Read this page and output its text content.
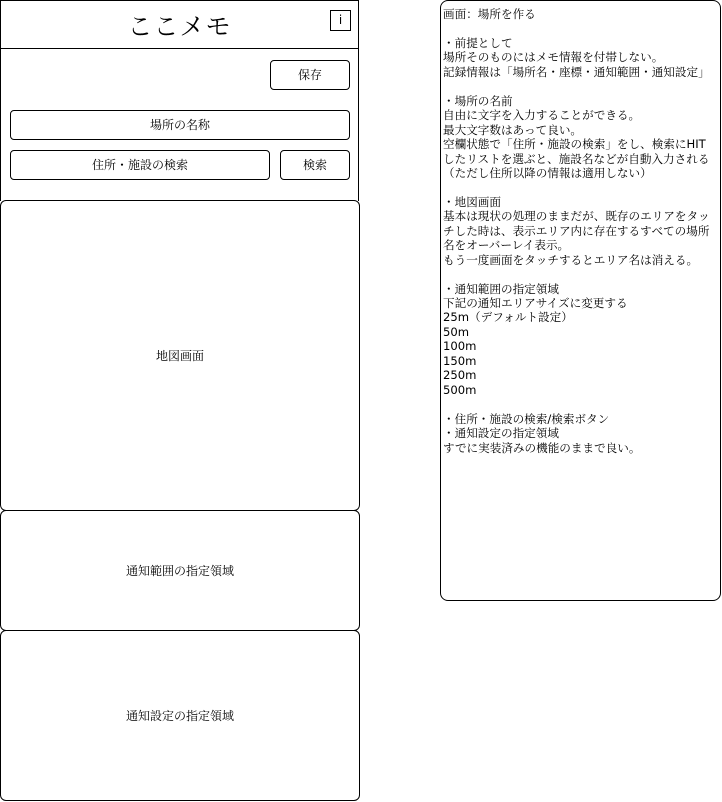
ここメモ	i
保存
場所の名称
住所・施設の検索	検索
地図画面
通知範囲の指定領域
通知設定の指定領域
画面：場所を作る
・前提として
場所そのものにはメモ情報を付帯しない。
記録情報は「場所名・座標・通知範囲・通知設定」
・場所の名前
自由に文字を入力することができる。
最大文字数はあって良い。
空欄状態で「住所・施設の検索」をし、検索にHIT
したリストを選ぶと、施設名などが自動入力される
（ただし住所以降の情報は適用しない）
・地図画面
基本は現状の処理のままだが、既存のエリアをタッ
チした時は、表示エリア内に存在するすべての場所
名をオーバーレイ表示。
もう一度画面をタッチするとエリア名は消える。
・通知範囲の指定領域
下記の通知エリアサイズに変更する
25m（デフォルト設定）
50m
100m
150m
250m
500m
・住所・施設の検索/検索ボタン
・通知設定の指定領域
すでに実装済みの機能のままで良い。
